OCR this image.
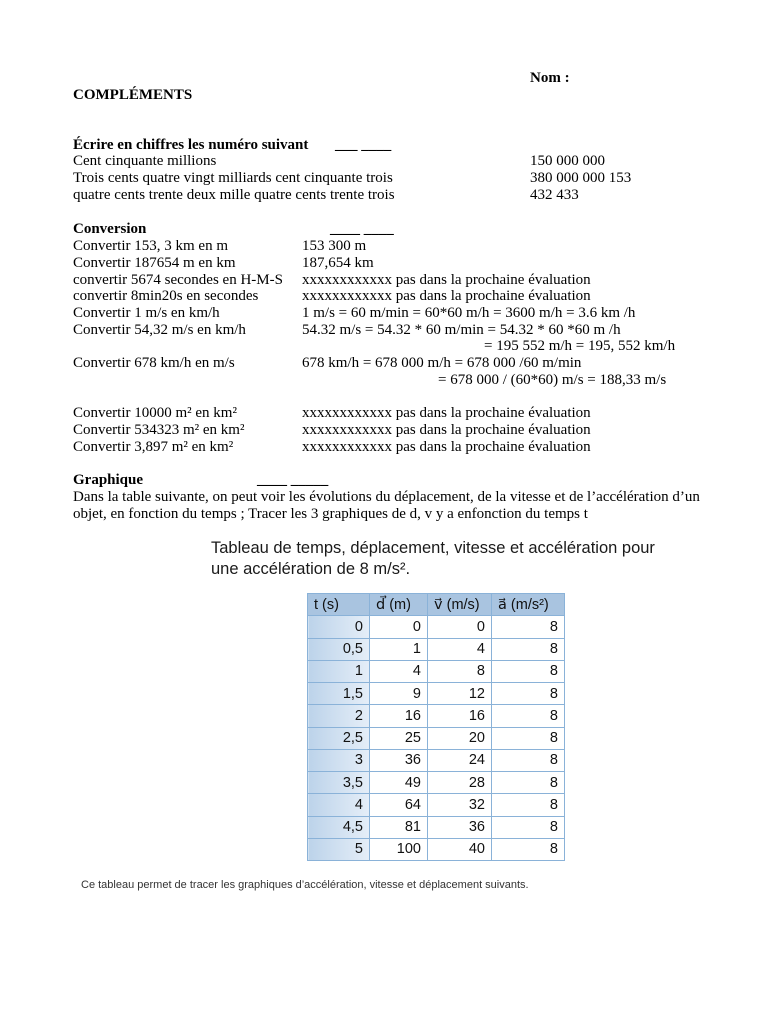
Nom :
COMPLÉMENTS
Écrire en chiffres les numéro suivant ___ ____
Cent cinquante millions	150 000 000
Trois cents quatre vingt milliards cent cinquante trois	380 000 000 153
quatre cents trente deux mille quatre cents trente trois	432 433
Conversion	____ ____
Convertir 153, 3 km en m	153 300 m
Convertir 187654 m en km	187,654 km
convertir 5674 secondes en H-M-S xxxxxxxxxxxx pas dans la prochaine évaluation
convertir 8min20s en secondes	xxxxxxxxxxxx pas dans la prochaine évaluation
Convertir 1 m/s en km/h	1 m/s = 60 m/min = 60*60 m/h = 3600 m/h = 3.6 km /h
Convertir 54,32 m/s en km/h	54.32 m/s = 54.32 * 60 m/min = 54.32 * 60 *60 m /h
= 195 552 m/h = 195, 552 km/h
Convertir 678 km/h en m/s	678 km/h = 678 000 m/h = 678 000 /60 m/min
= 678 000 / (60*60) m/s = 188,33 m/s
Convertir 10000 m² en km²	xxxxxxxxxxxx pas dans la prochaine évaluation
Convertir 534323 m² en km²	xxxxxxxxxxxx pas dans la prochaine évaluation
Convertir 3,897 m² en km²	xxxxxxxxxxxx pas dans la prochaine évaluation
Graphique	____ _____
Dans la table suivante, on peut voir les évolutions du déplacement, de la vitesse et de l’accélération d’un objet, en fonction du temps ; Tracer les 3 graphiques de d, v y a enfonction du temps t
Tableau de temps, déplacement, vitesse et accélération pour
une accélération de 8 m/s².
t (s)	d⃗ (m)	v⃗ (m/s)	a⃗ (m/s²)
0	0	0	8
0,5	1	4	8
1	4	8	8
1,5	9	12	8
2	16	16	8
2,5	25	20	8
3	36	24	8
3,5	49	28	8
4	64	32	8
4,5	81	36	8
5	100	40	8
Ce tableau permet de tracer les graphiques d’accélération, vitesse et déplacement suivants.
